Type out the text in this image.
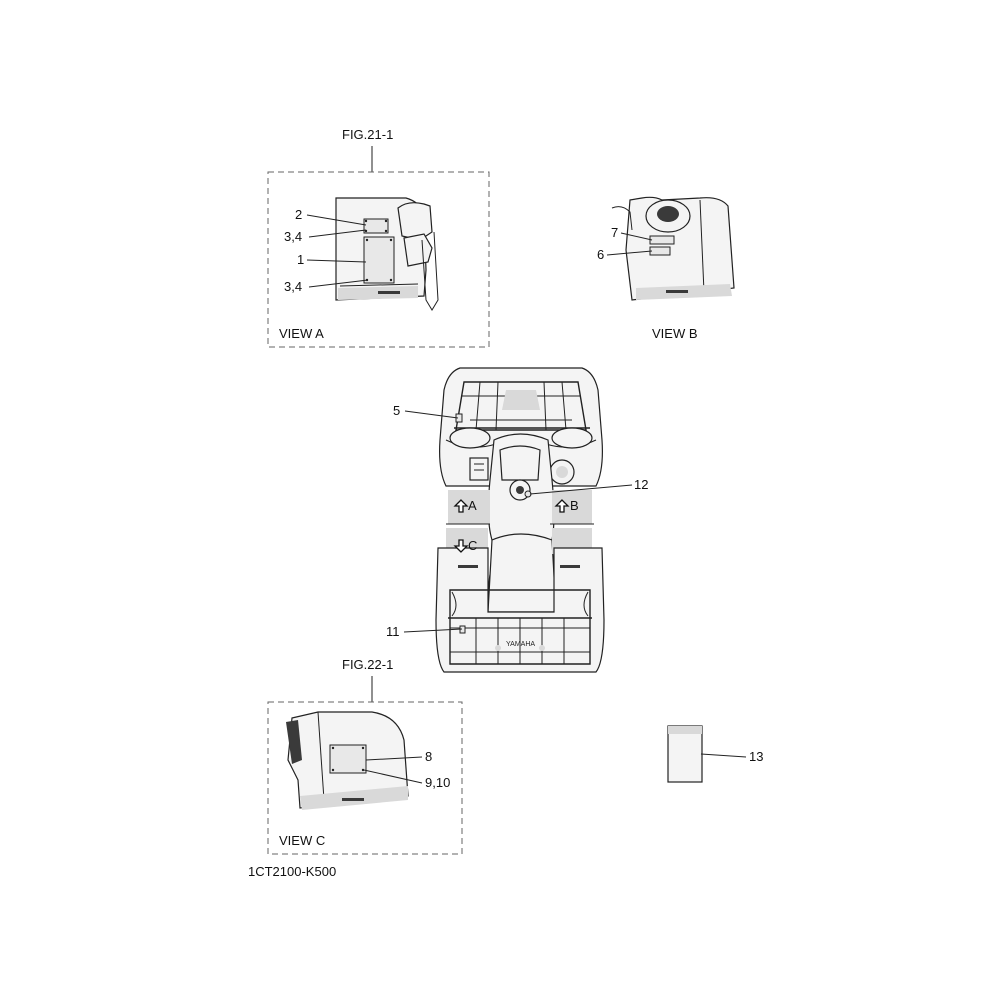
FIG.21-1
2
3,4
1
3,4
VIEW A
7
6
VIEW B
YAMAHA
A	B
C
5
12
11
FIG.22-1
8
9,10
VIEW C
13
1CT2100-K500
